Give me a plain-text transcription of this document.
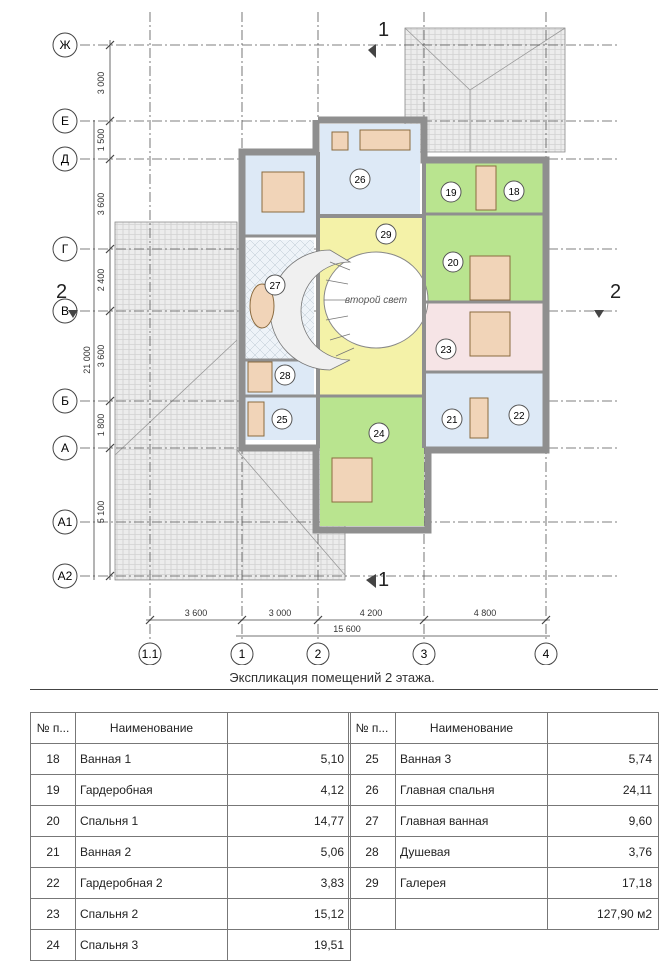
второй свет
26
19	18
29
20
27
23
28
25
24
21	22
Ж
Е
Д
Г
В
Б
А
А1
А2
1.1	1	2	3	4
3 000
1 500
3 600
2 400
3 600
1 800
5 100
21 000
3 600	3 000	4 200	4 800
15 600
1
1
2	2
Экспликация помещений 2 этажа.
№ п...	Наименование	
18	Ванная 1	5,10
19	Гардеробная	4,12
20	Спальня 1	14,77
21	Ванная 2	5,06
22	Гардеробная 2	3,83
23	Спальня 2	15,12
24	Спальня 3	19,51
№ п...	Наименование	
25	Ванная 3	5,74
26	Главная спальня	24,11
27	Главная ванная	9,60
28	Душевая	3,76
29	Галерея	17,18
		127,90 м2
